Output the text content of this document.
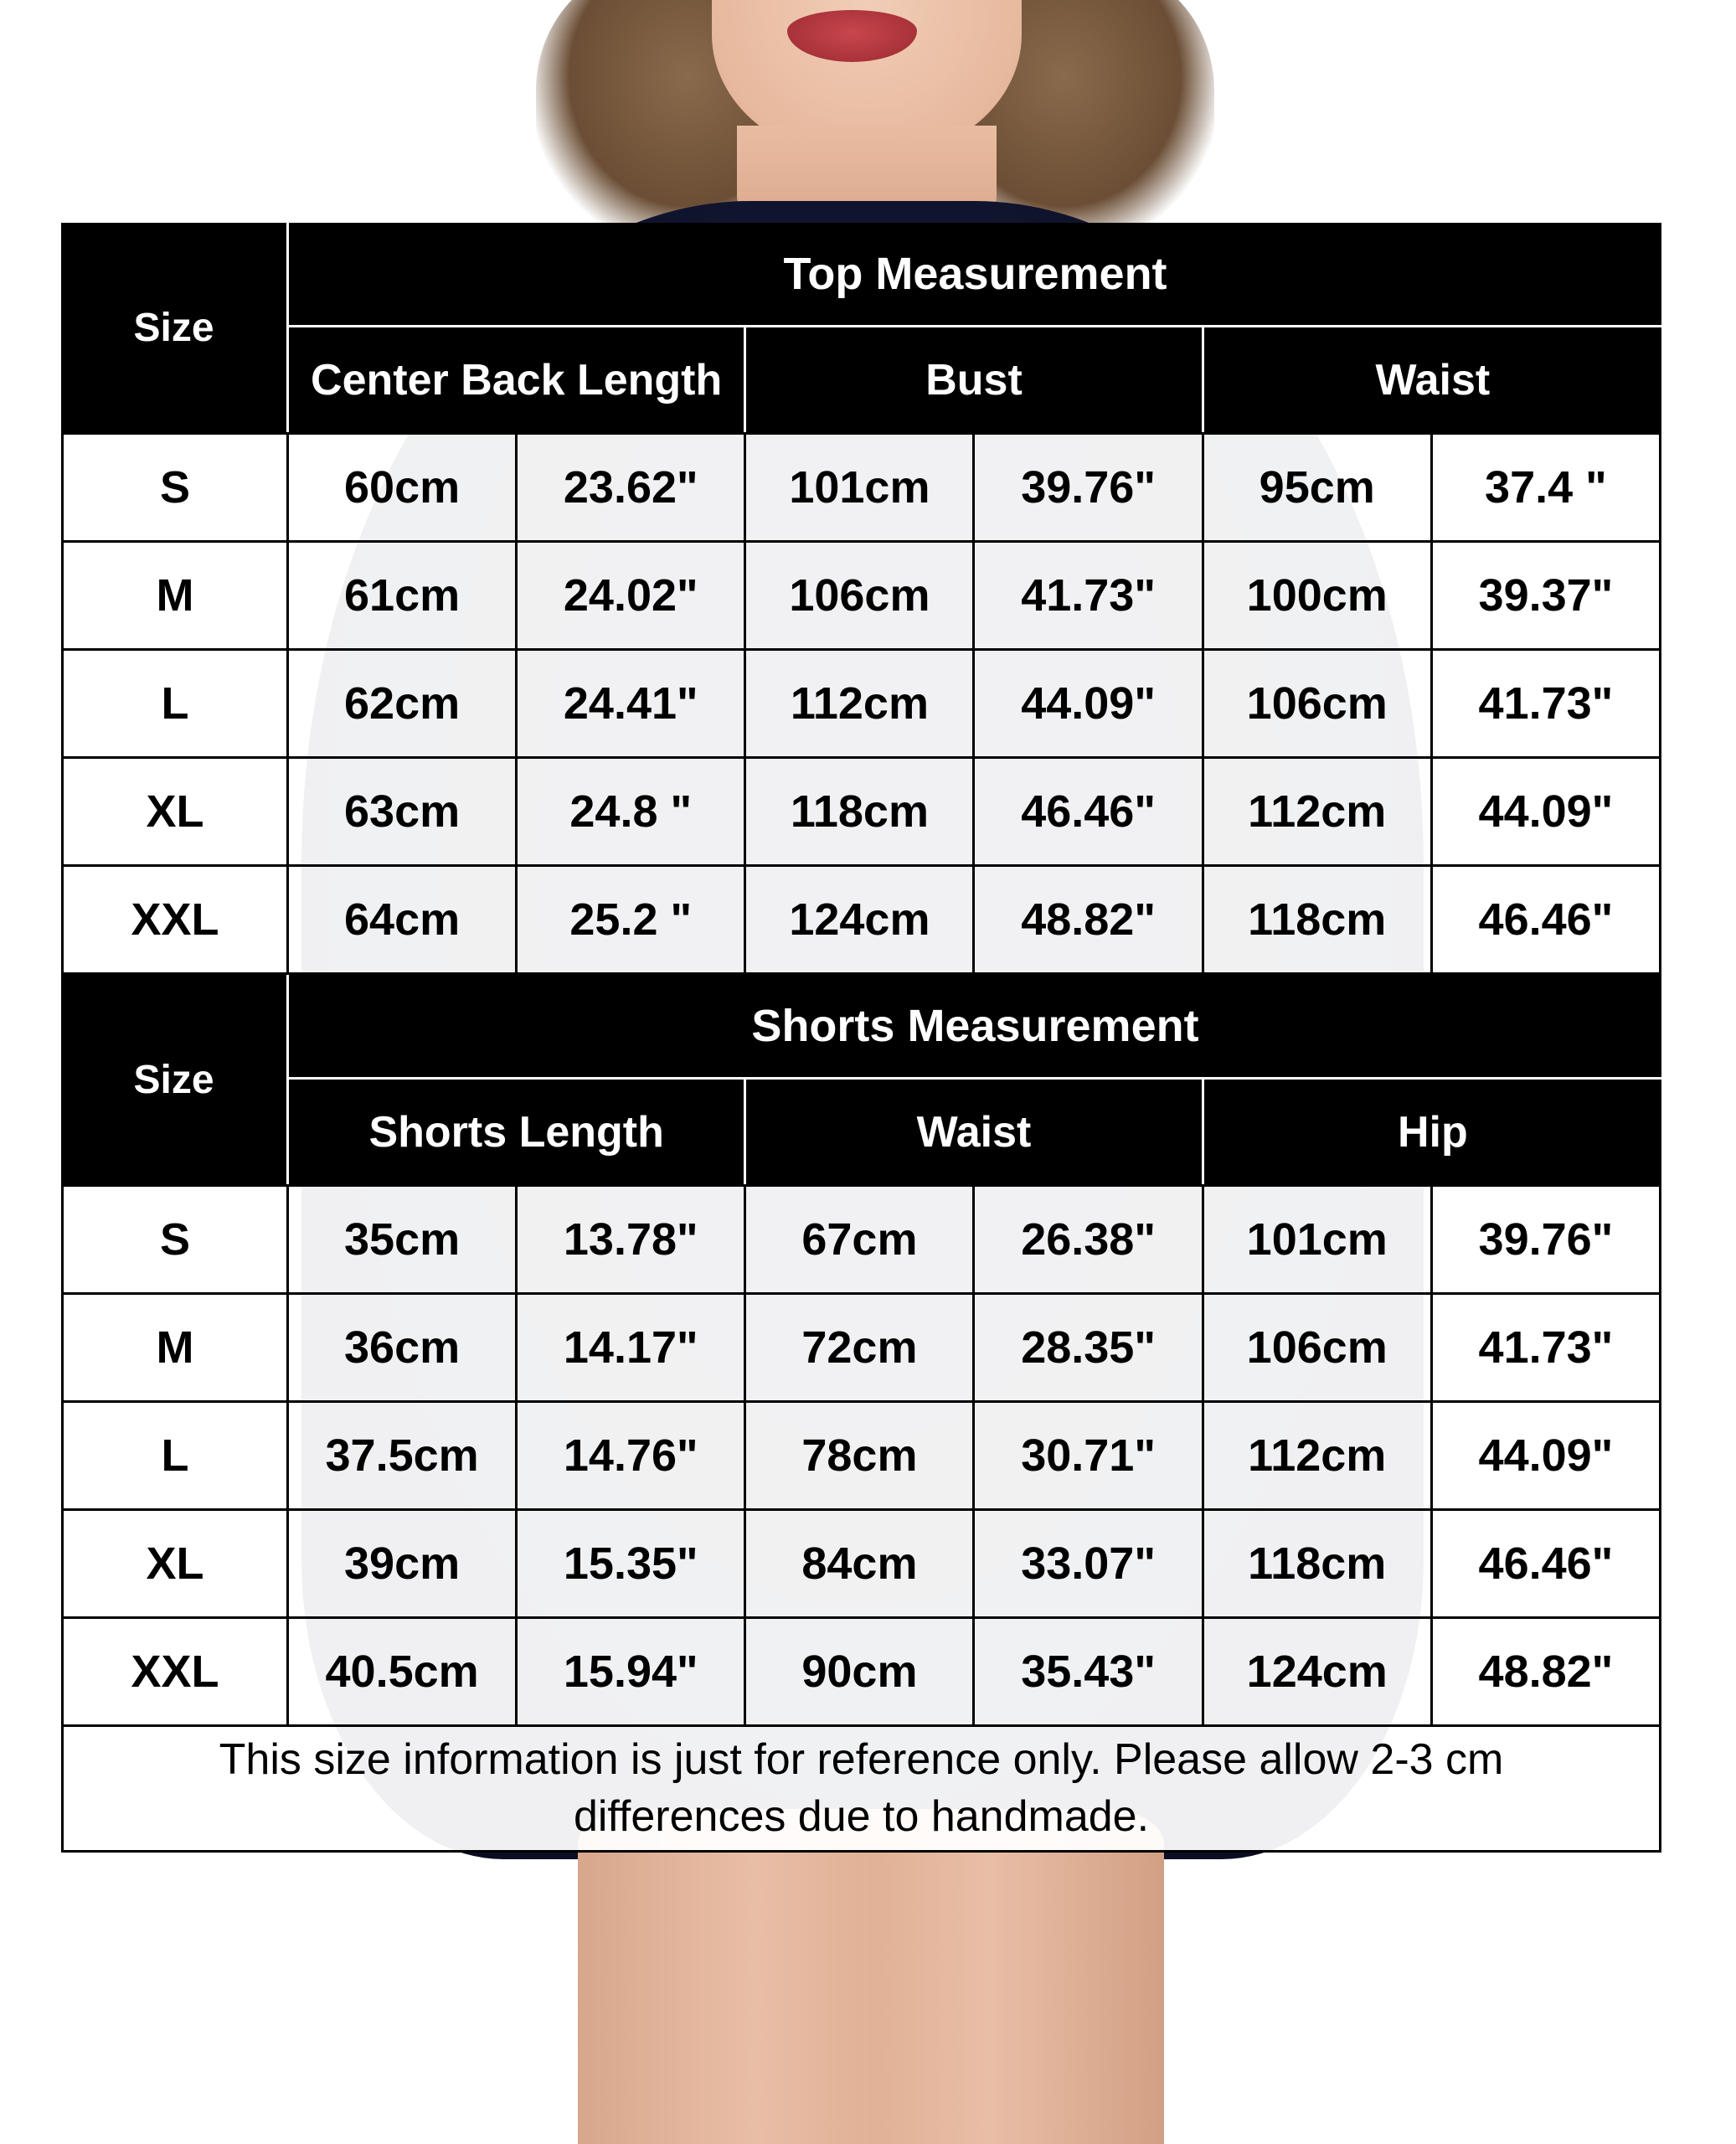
Size
Top Measurement
Center Back Length	Bust	Waist
S	60cm	23.62"	101cm	39.76"	95cm	37.4 "
M	61cm	24.02"	106cm	41.73"	100cm	39.37"
L	62cm	24.41"	112cm	44.09"	106cm	41.73"
XL	63cm	24.8 "	118cm	46.46"	112cm	44.09"
XXL	64cm	25.2 "	124cm	48.82"	118cm	46.46"
Size
Shorts Measurement
Shorts Length	Waist	Hip
S	35cm	13.78"	67cm	26.38"	101cm	39.76"
M	36cm	14.17"	72cm	28.35"	106cm	41.73"
L	37.5cm	14.76"	78cm	30.71"	112cm	44.09"
XL	39cm	15.35"	84cm	33.07"	118cm	46.46"
XXL	40.5cm	15.94"	90cm	35.43"	124cm	48.82"
This size information is just for reference only. Please allow 2-3 cm differences due to handmade.
